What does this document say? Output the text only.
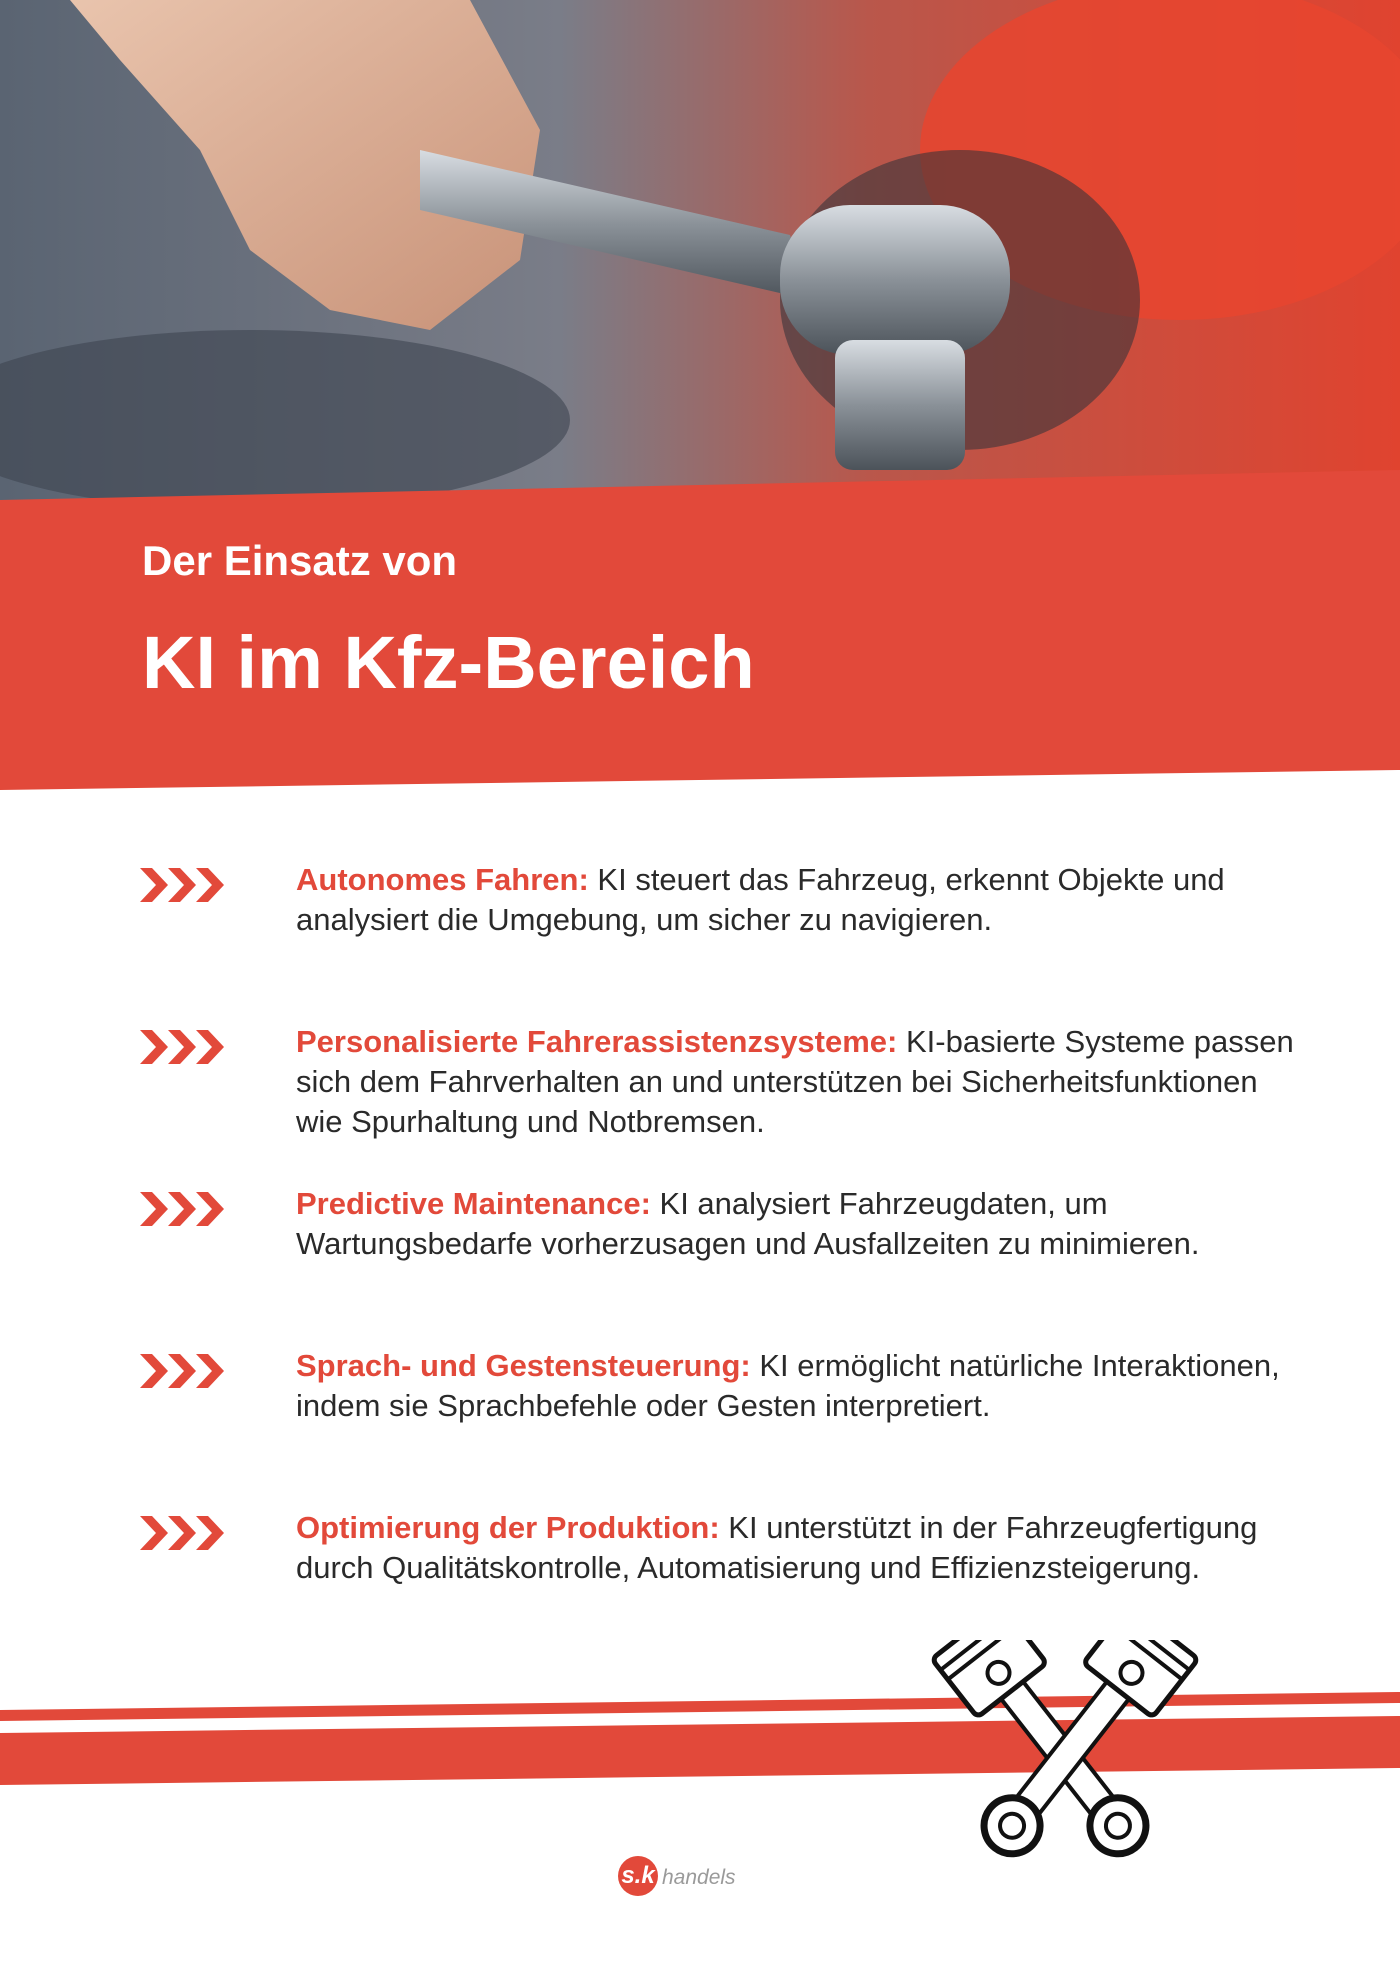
Der Einsatz von

KI im Kfz-Bereich

Autonomes Fahren: KI steuert das Fahrzeug, erkennt Objekte und analysiert die Umgebung, um sicher zu navigieren.
Personalisierte Fahrerassistenzsysteme: KI-basierte Systeme passen sich dem Fahrverhalten an und unterstützen bei Sicherheitsfunktionen wie Spurhaltung und Notbremsen.
Predictive Maintenance: KI analysiert Fahrzeugdaten, um Wartungsbedarfe vorherzusagen und Ausfallzeiten zu minimieren.
Sprach- und Gestensteuerung: KI ermöglicht natürliche Interaktionen, indem sie Sprachbefehle oder Gesten interpretiert.
Optimierung der Produktion: KI unterstützt in der Fahrzeugfertigung durch Qualitätskontrolle, Automatisierung und Effizienzsteigerung.
s.k handels
